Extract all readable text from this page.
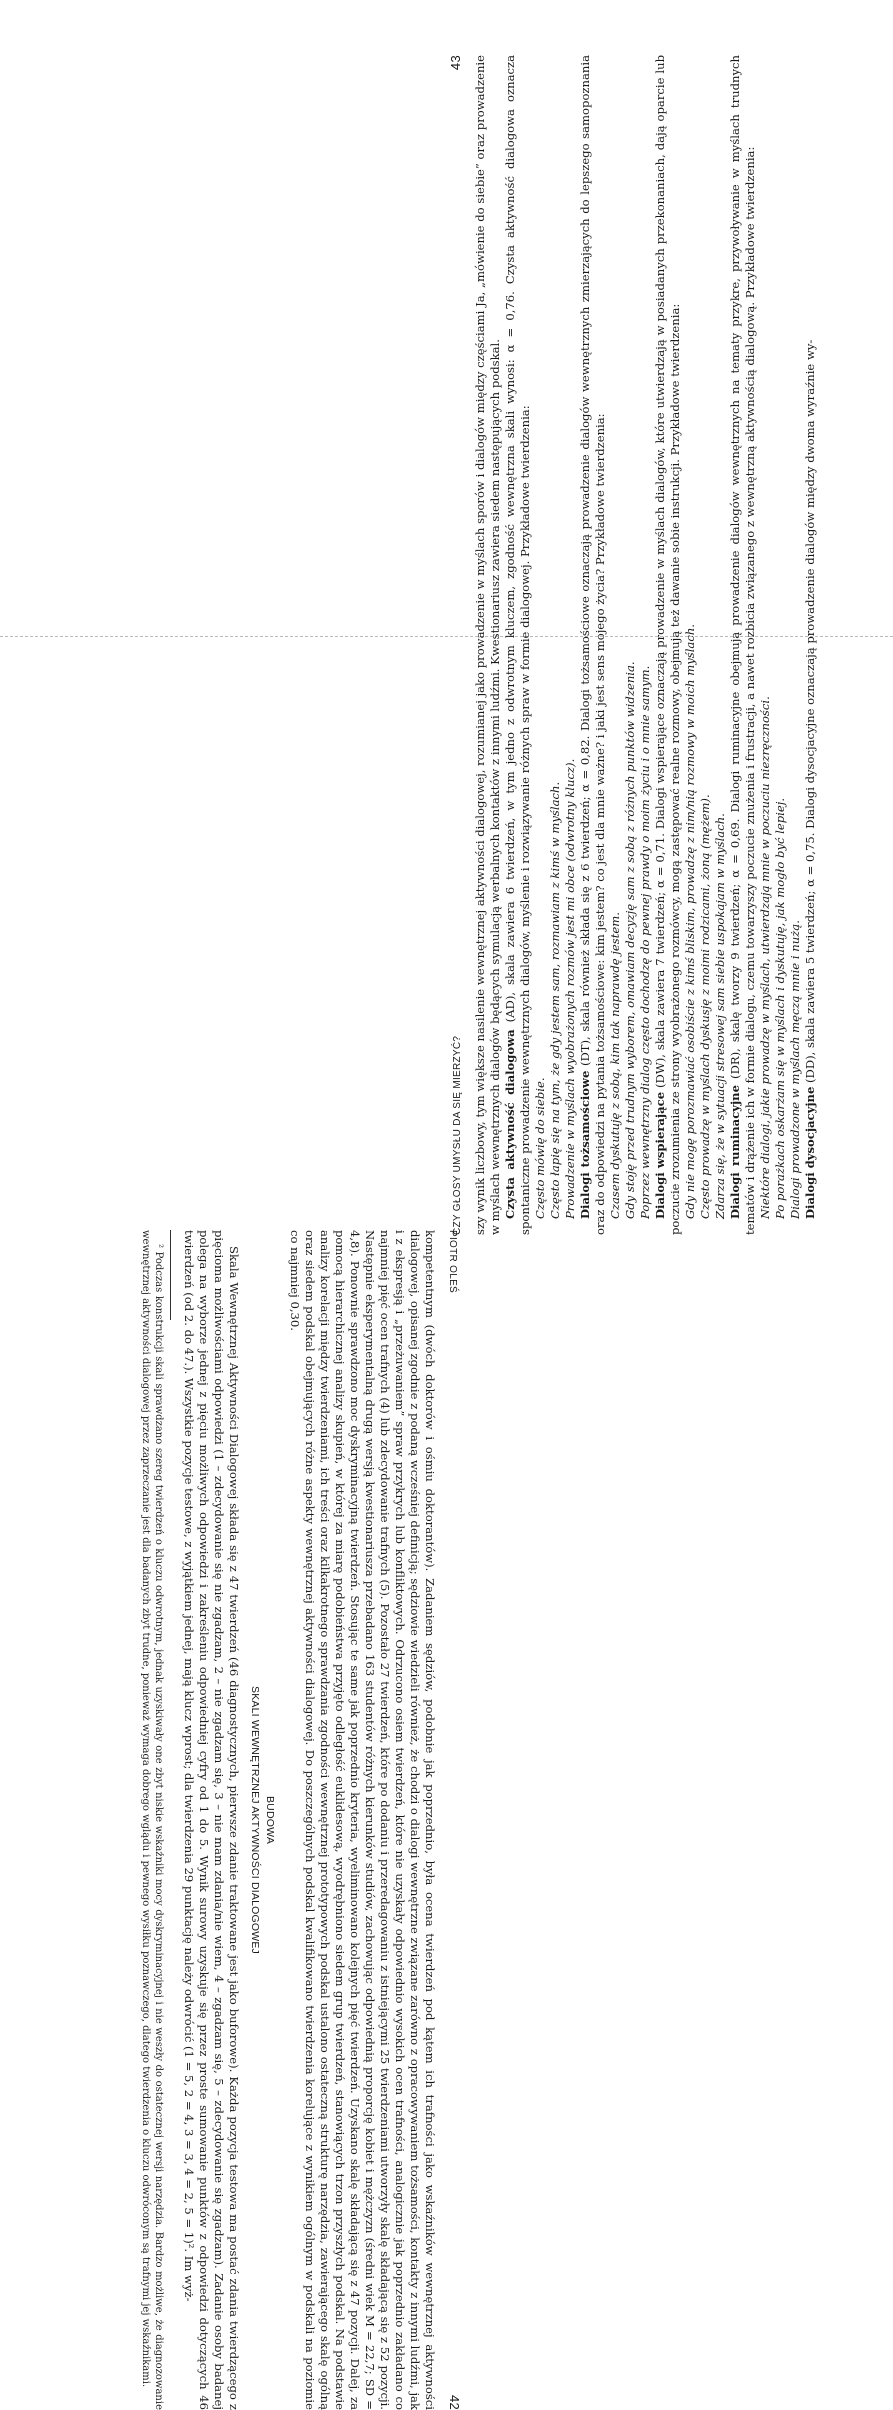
42
PIOTR OLEŚ

kompetentnym (dwóch doktorów i ośmiu doktorantów). Zadaniem sędziów, podobnie jak poprzednio, była ocena twierdzeń pod kątem ich trafności jako wskaźników wewnętrznej aktywności dialogowej, opisanej zgodnie z podaną wcześniej definicją; sędziowie wiedzieli również, że chodzi o dialogi wewnętrzne związane zarówno z opracowywaniem tożsamości, kontakty z innymi ludźmi, jak i z ekspresją i „przeżuwaniem” spraw przykrych lub konfliktowych. Odrzucono osiem twierdzeń, które nie uzyskały odpowiednio wysokich ocen trafności, analogicznie jak poprzednio zakładano co najmniej pięć ocen trafnych (4) lub zdecydowanie trafnych (5). Pozostało 27 twierdzeń, które po dodaniu i przeredagowaniu z istniejącymi 25 twierdzeniami utworzyły skalę składającą się z 52 pozycji. Następnie eksperymentalną drugą wersją kwestionariusza przebadano 163 studentów różnych kierunków studiów, zachowując odpowiednią proporcję kobiet i mężczyzn (średni wiek M = 22,7; SD = 4,8). Ponownie sprawdzono moc dyskryminacyjną twierdzeń. Stosując te same jak poprzednio kryteria, wyeliminowano kolejnych pięć twierdzeń. Uzyskano skalę składającą się z 47 pozycji. Dalej, za pomocą hierarchicznej analizy skupień, w której za miarę podobieństwa przyjęto odległość euklidesową, wyodrębniono siedem grup twierdzeń, stanowiących trzon przyszłych podskal. Na podstawie analizy korelacji między twierdzeniami, ich treści oraz kilkakrotnego sprawdzania zgodności wewnętrznej prototypowych podskal ustalono ostateczną strukturę narzędzia, zawierającego skalę ogólną oraz siedem podskal obejmujących różne aspekty wewnętrznej aktywności dialogowej. Do poszczególnych podskal kwalifikowano twierdzenia korelujące z wynikiem ogólnym w podskali na poziomie co najmniej 0,30.

BUDOWA
SKALI WEWNĘTRZNEJ AKTYWNOŚCI DIALOGOWEJ

Skala Wewnętrznej Aktywności Dialogowej składa się z 47 twierdzeń (46 diagnostycznych, pierwsze zdanie traktowane jest jako buforowe). Każda pozycja testowa ma postać zdania twierdzącego z pięcioma możliwościami odpowiedzi (1 – zdecydowanie się nie zgadzam, 2 – nie zgadzam się, 3 – nie mam zdania/nie wiem, 4 – zgadzam się, 5 – zdecydowanie się zgadzam). Zadanie osoby badanej polega na wyborze jednej z pięciu możliwych odpowiedzi i zakreśleniu odpowiedniej cyfry od 1 do 5. Wynik surowy uzyskuje się przez proste sumowanie punktów z odpowiedzi dotyczących 46 twierdzeń (od 2. do 47.). Wszystkie pozycje testowe, z wyjątkiem jednej, mają klucz wprost; dla twierdzenia 29 punktację należy odwrócić (1 = 5, 2 = 4, 3 = 3, 4 = 2, 5 = 1)². Im wyż-

² Podczas konstrukcji skali sprawdzano szereg twierdzeń o kluczu odwrotnym, jednak uzyskiwały one zbyt niskie wskaźniki mocy dyskryminacyjnej i nie weszły do ostatecznej wersji narzędzia. Bardzo możliwe, że diagnozowanie wewnętrznej aktywności dialogowej przez zaprzeczanie jest dla badanych zbyt trudne, ponieważ wymaga dobrego wglądu i pewnego wysiłku poznawczego, dlatego twierdzenia o kluczu odwróconym są trafnymi jej wskaźnikami.

CZY GŁOSY UMYSŁU DA SIĘ MIERZYĆ?
43 szy wynik liczbowy, tym większe nasilenie wewnętrznej aktywności dialogowej, rozumianej jako prowadzenie w myślach sporów i dialogów między częściami Ja, „mówienie do siebie” oraz prowadzenie w myślach wewnętrznych dialogów będących symulacją werbalnych kontaktów z innymi ludźmi. Kwestionariusz zawiera siedem następujących podskal. Czysta aktywność dialogowa (AD), skala zawiera 6 twierdzeń, w tym jedno z odwrotnym kluczem, zgodność wewnętrzna skali wynosi: α = 0,76. Czysta aktywność dialogowa oznacza spontaniczne prowadzenie wewnętrznych dialogów, myślenie i rozwiązywanie różnych spraw w formie dialogowej. Przykładowe twierdzenia: Często mówię do siebie. Często łapię się na tym, że gdy jestem sam, rozmawiam z kimś w myślach. Prowadzenie w myślach wyobrażonych rozmów jest mi obce (odwrotny klucz). Dialogi tożsamościowe (DT), skala również składa się z 6 twierdzeń; α = 0,82. Dialogi tożsamościowe oznaczają prowadzenie dialogów wewnętrznych zmierzających do lepszego samopoznania oraz do odpowiedzi na pytania tożsamościowe: kim jestem? co jest dla mnie ważne? i jaki jest sens mojego życia? Przykładowe twierdzenia: Czasem dyskutuję z sobą, kim tak naprawdę jestem. Gdy stoję przed trudnym wyborem, omawiam decyzję sam z sobą z różnych punktów widzenia. Poprzez wewnętrzny dialog często dochodzę do pewnej prawdy o moim życiu i o mnie samym. Dialogi wspierające (DW), skala zawiera 7 twierdzeń; α = 0,71. Dialogi wspierające oznaczają prowadzenie w myślach dialogów, które utwierdzają w posiadanych przekonaniach, dają oparcie lub poczucie zrozumienia ze strony wyobrażonego rozmówcy, mogą zastępować realne rozmowy, obejmują też dawanie sobie instrukcji. Przykładowe twierdzenia: Gdy nie mogę porozmawiać osobiście z kimś bliskim, prowadzę z nim/nią rozmowy w moich myślach. Często prowadzę w myślach dyskusję z moimi rodzicami, żoną (mężem). Zdarza się, że w sytuacji stresowej sam siebie uspokajam w myślach. Dialogi ruminacyjne (DR), skalę tworzy 9 twierdzeń; α = 0,69. Dialogi ruminacyjne obejmują prowadzenie dialogów wewnętrznych na tematy przykre, przywoływanie w myślach trudnych tematów i drążenie ich w formie dialogu, czemu towarzyszy poczucie znużenia i frustracji, a nawet rozbicia związanego z wewnętrzną aktywnością dialogową. Przykładowe twierdzenia: Niektóre dialogi, jakie prowadzę w myślach, utwierdzają mnie w poczuciu niezręczności. Po porażkach oskarżam się w myślach i dyskutuję, jak mogło być lepiej. Dialogi prowadzone w myślach męczą mnie i nużą. Dialogi dysocjacyjne (DD), skala zawiera 5 twierdzeń; α = 0,75. Dialogi dysocjacyjne oznaczają prowadzenie dialogów między dwoma wyraźnie wy-
